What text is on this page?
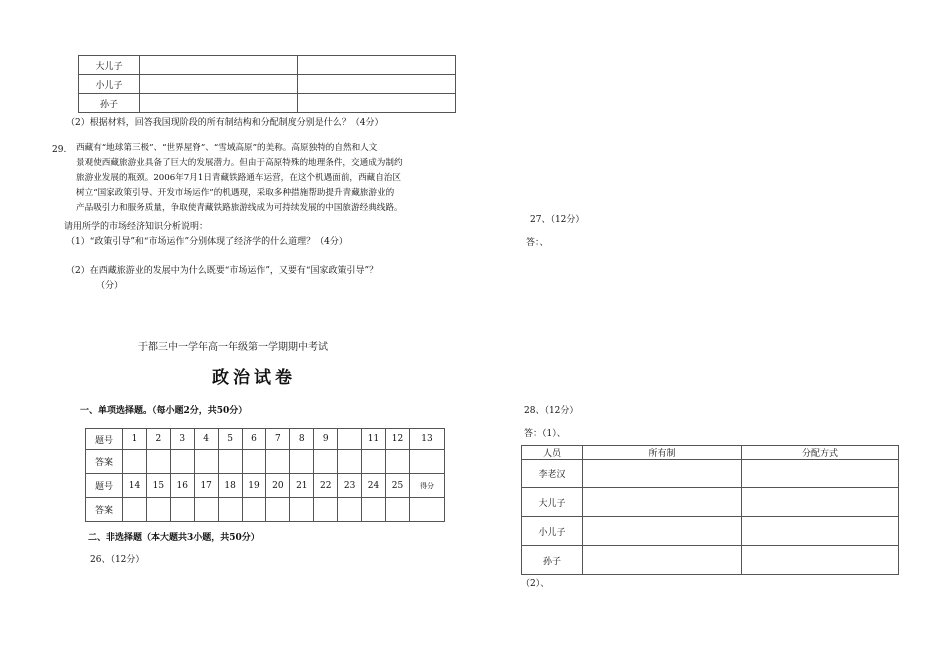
大儿子		
小儿子		
孙子		
（2）根据材料，回答我国现阶段的所有制结构和分配制度分别是什么？（4分）
29. 西藏有“地球第三极”、“世界屋脊”、“雪域高原”的美称。高原独特的自然和人文
景观使西藏旅游业具备了巨大的发展潜力。但由于高原特殊的地理条件，交通成为制约
旅游业发展的瓶颈。2006年7月1日青藏铁路通车运营，在这个机遇面前，西藏自治区
树立“国家政策引导、开发市场运作”的机遇现，采取多种措施帮助提升青藏旅游业的
产品吸引力和服务质量，争取使青藏铁路旅游线成为可持续发展的中国旅游经典线路。
请用所学的市场经济知识分析说明：
（1）“政策引导”和“市场运作”分别体现了经济学的什么道理？（4分）
（2）在西藏旅游业的发展中为什么既要“市场运作”，又要有“国家政策引导”？
（分）
27、（12分）
答：、
于都三中一学年高一年级第一学期期中考试
政治试卷
一、单项选择题。（每小题2分，共50分）
题号	1	2	3	4	5	6	7	8	9		11	12	13
答案													
题号	14	15	16	17	18	19	20	21	22	23	24	25	得分
答案													
二、非选择题（本大题共3小题，共50分）
26、（12分）
28、（12分）
答：（1）、
人员	所有制	分配方式
李老汉		
大儿子		
小儿子		
孙子		
（2）、
